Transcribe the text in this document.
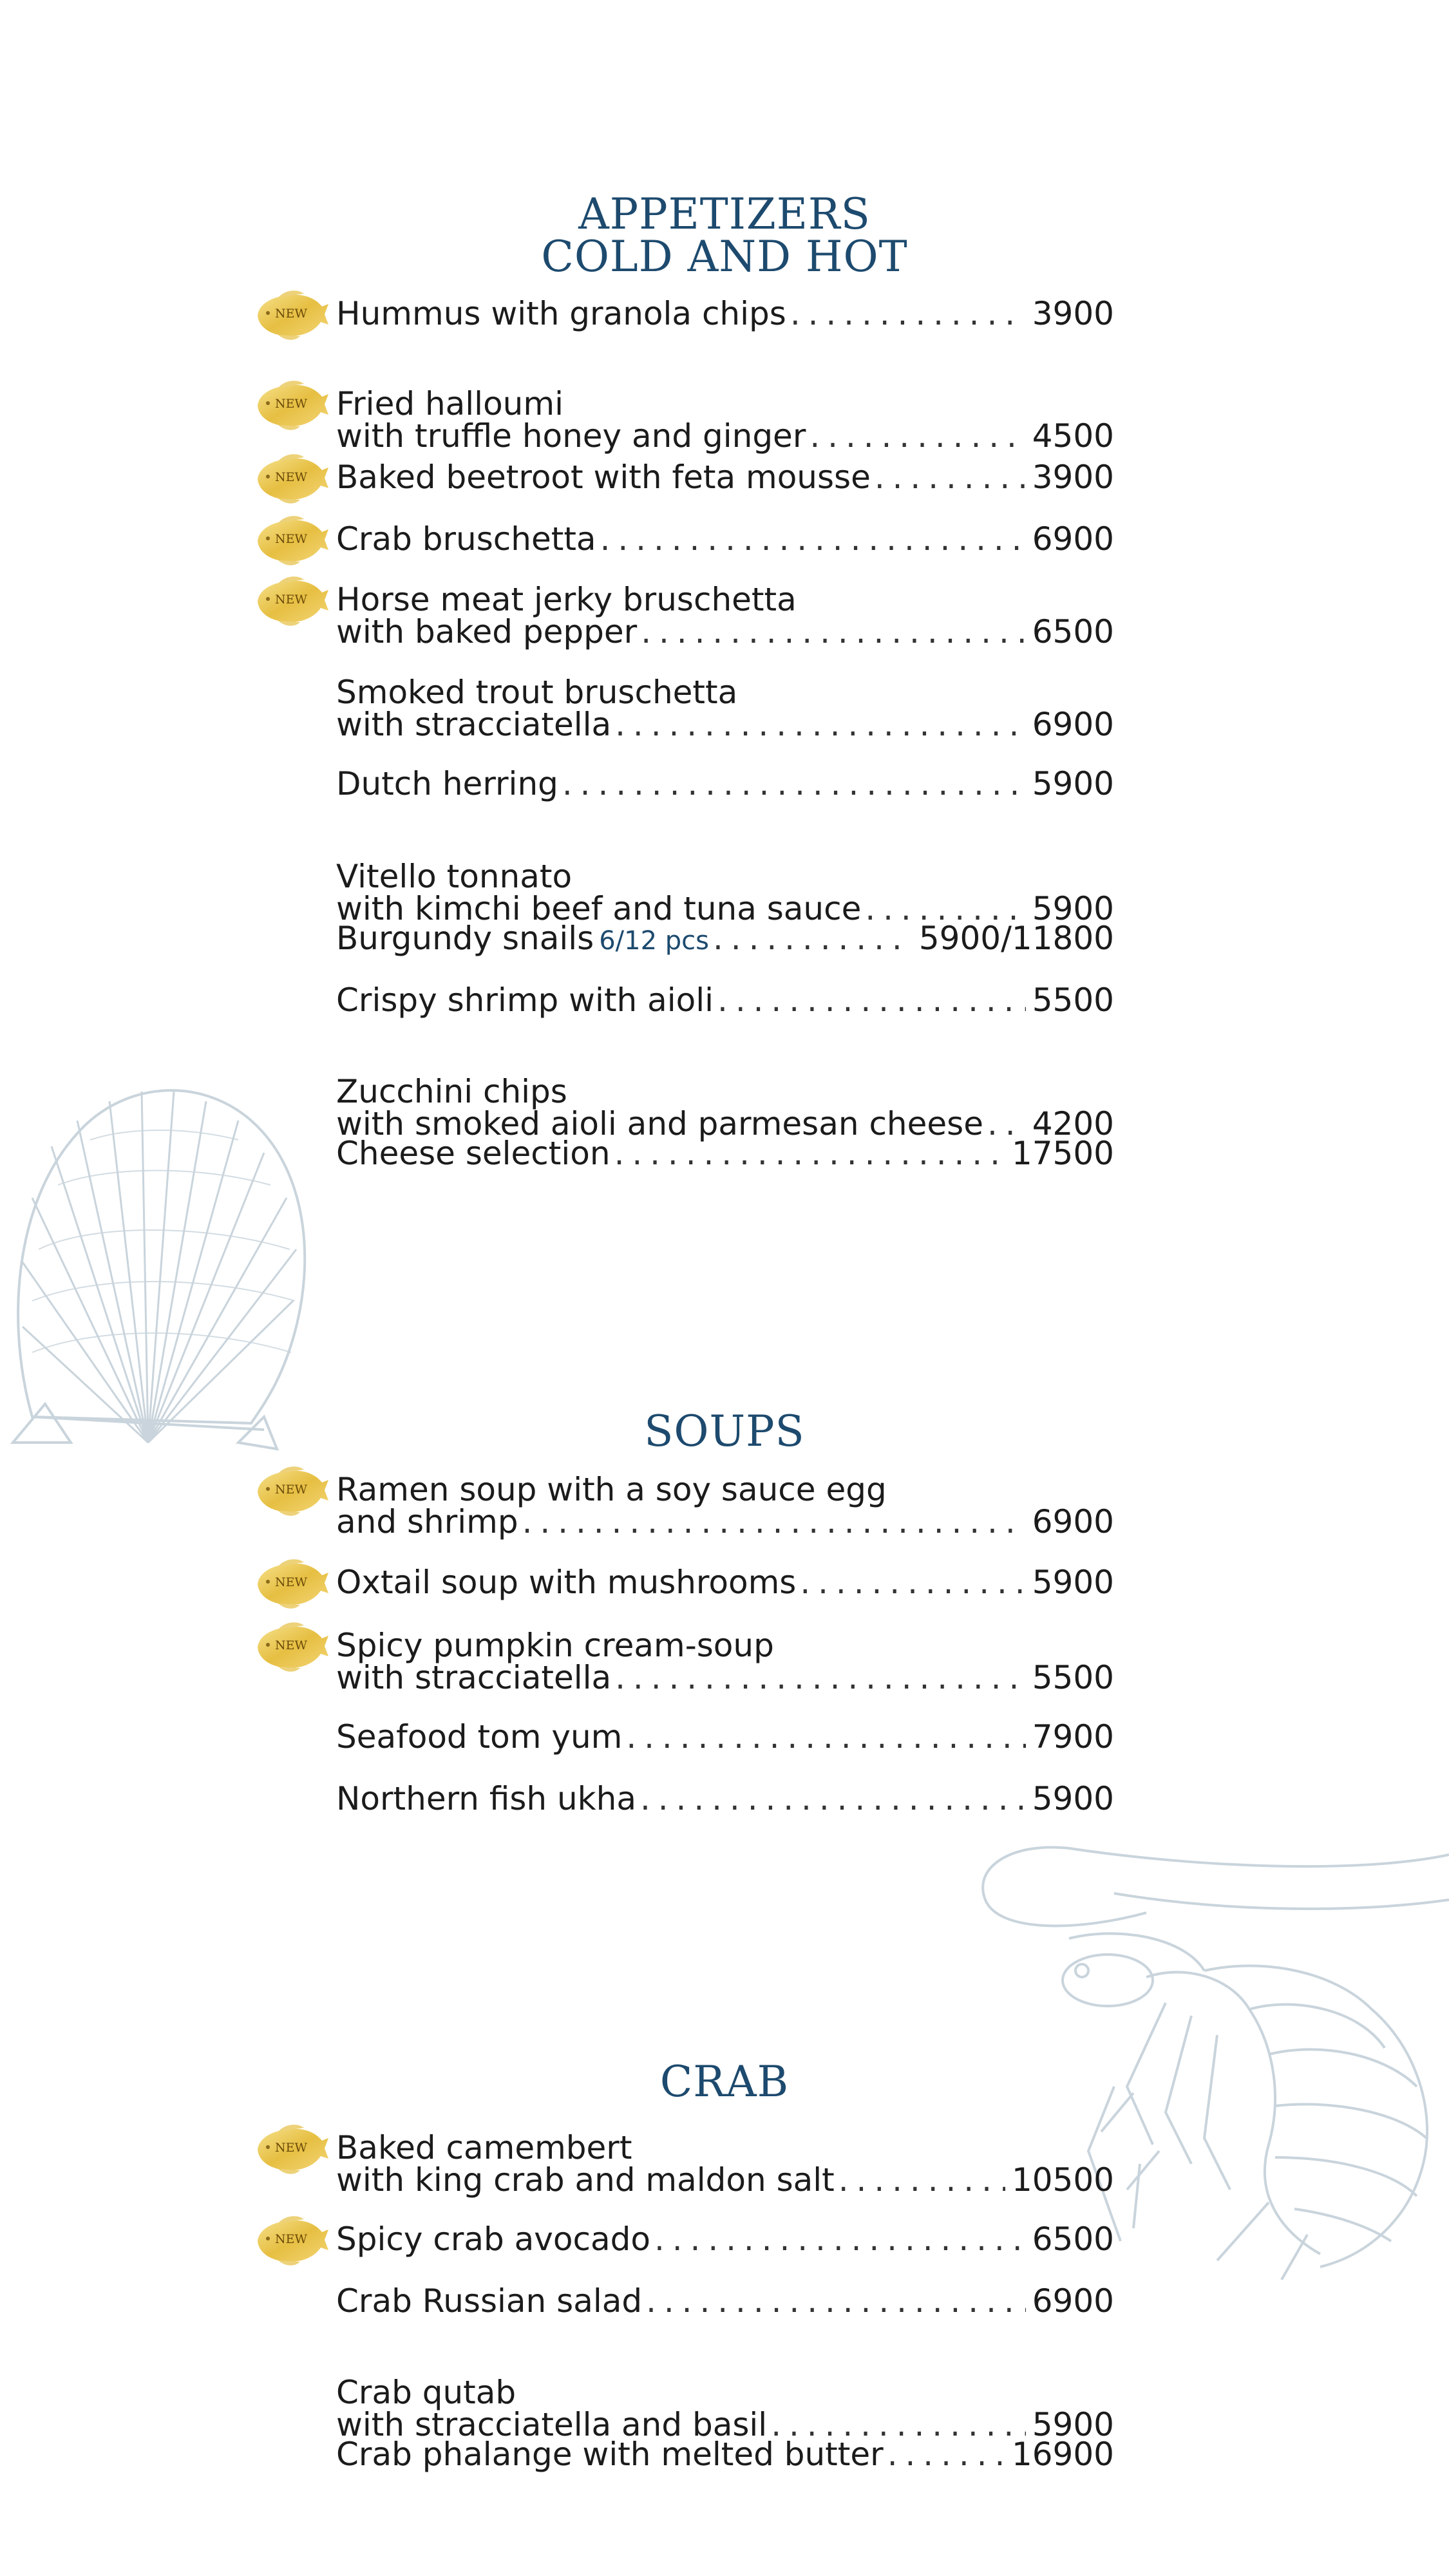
APPETIZERS
COLD AND HOT
SOUPS
CRAB
NEW Hummus with granola chips . . .	3900
NEW Fried halloumi
with truffle honey and ginger . . .	4500
NEW Baked beetroot with feta mousse . . .	3900
NEW Crab bruschetta . . .	6900
NEW Horse meat jerky bruschetta
with baked pepper . . .	6500
Smoked trout bruschetta
with stracciatella . . .	6900
Dutch herring . . .	5900
Vitello tonnato
with kimchi beef and tuna sauce . . .	5900
Burgundy snails 6/12 pcs . . .	5900/11800
Crispy shrimp with aioli . . .	5500
Zucchini chips
with smoked aioli and parmesan cheese . . . 4200
Cheese selection . . .	17500
NEW Ramen soup with a soy sauce egg
and shrimp . . .	6900
NEW Oxtail soup with mushrooms . . .	5900
NEW Spicy pumpkin cream-soup
with stracciatella . . .	5500
Seafood tom yum . . .	7900
Northern fish ukha . . .	5900
NEW Baked camembert
with king crab and maldon salt . . .	10500
NEW Spicy crab avocado . . .	6500
Crab Russian salad . . .	6900
Crab qutab
with stracciatella and basil . . .	5900
Crab phalange with melted butter . . .	16900
